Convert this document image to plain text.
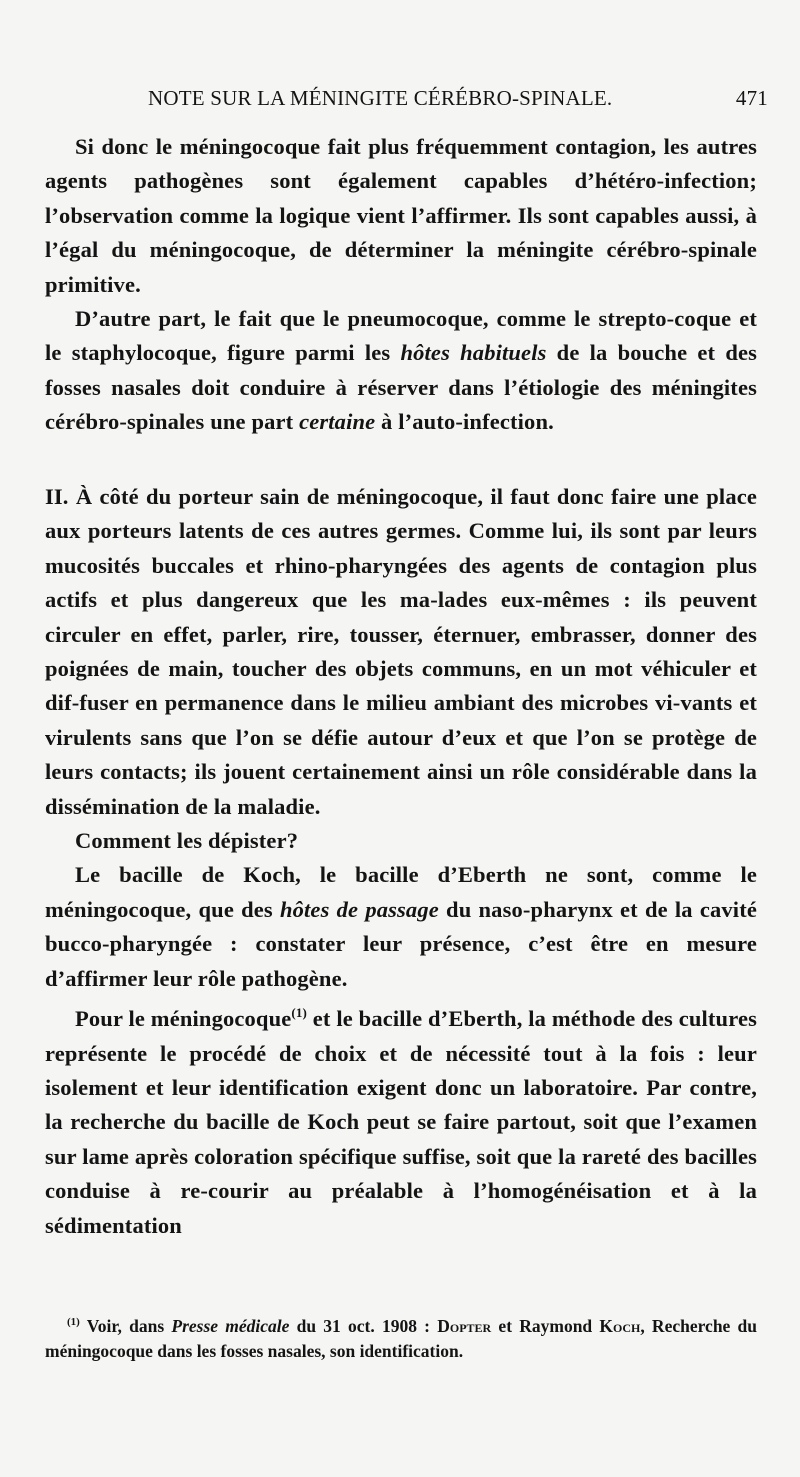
NOTE SUR LA MÉNINGITE CÉRÉBRO-SPINALE.	471

Si donc le méningocoque fait plus fréquemment contagion, les autres agents pathogènes sont également capables d’hétéro-infection; l’observation comme la logique vient l’affirmer. Ils sont capables aussi, à l’égal du méningocoque, de déterminer la méningite cérébro-spinale primitive.

D’autre part, le fait que le pneumocoque, comme le strepto-coque et le staphylocoque, figure parmi les hôtes habituels de la bouche et des fosses nasales doit conduire à réserver dans l’étiologie des méningites cérébro-spinales une part certaine à l’auto-infection.

II. À côté du porteur sain de méningocoque, il faut donc faire une place aux porteurs latents de ces autres germes. Comme lui, ils sont par leurs mucosités buccales et rhino-pharyngées des agents de contagion plus actifs et plus dangereux que les ma-lades eux-mêmes : ils peuvent circuler en effet, parler, rire, tousser, éternuer, embrasser, donner des poignées de main, toucher des objets communs, en un mot véhiculer et dif-fuser en permanence dans le milieu ambiant des microbes vi-vants et virulents sans que l’on se défie autour d’eux et que l’on se protège de leurs contacts; ils jouent certainement ainsi un rôle considérable dans la dissémination de la maladie.

Comment les dépister?

Le bacille de Koch, le bacille d’Eberth ne sont, comme le méningocoque, que des hôtes de passage du naso-pharynx et de la cavité bucco-pharyngée : constater leur présence, c’est être en mesure d’affirmer leur rôle pathogène.

Pour le méningocoque$^{(1)}$ et le bacille d’Eberth, la méthode des cultures représente le procédé de choix et de nécessité tout à la fois : leur isolement et leur identification exigent donc un laboratoire. Par contre, la recherche du bacille de Koch peut se faire partout, soit que l’examen sur lame après coloration spécifique suffise, soit que la rareté des bacilles conduise à re-courir au préalable à l’homogénéisation et à la sédimentation

$^{(1)}$ Voir, dans Presse médicale du 31 oct. 1908 : Dopter et Raymond Koch, Recherche du méningocoque dans les fosses nasales, son identification.
